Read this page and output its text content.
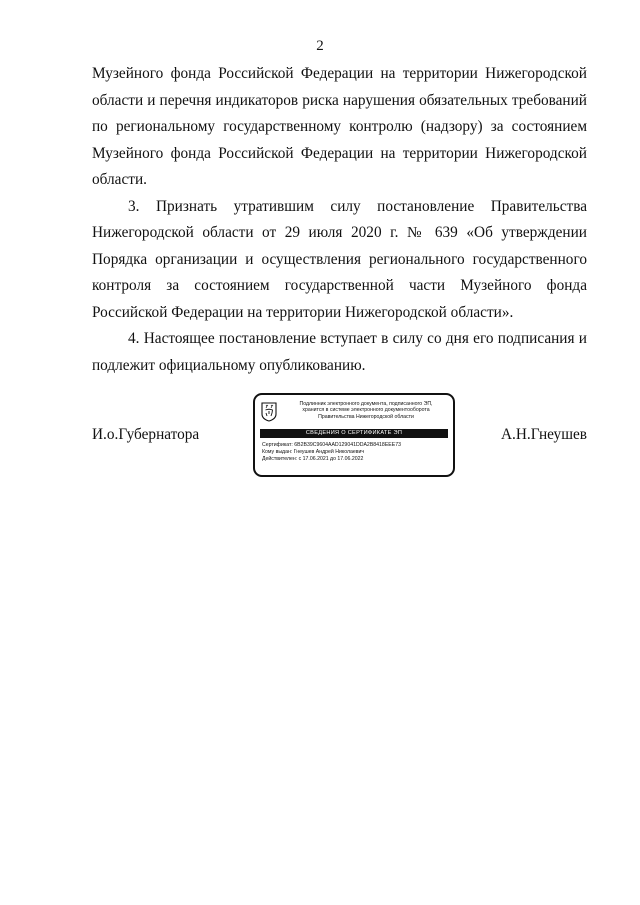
2

Музейного фонда Российской Федерации на территории Нижегородской области и перечня индикаторов риска нарушения обязательных требований по региональному государственному контролю (надзору) за состоянием Музейного фонда Российской Федерации на территории Нижегородской области.

3. Признать утратившим силу постановление Правительства Нижегородской области от 29 июля 2020 г. № 639 «Об утверждении Порядка организации и осуществления регионального государственного контроля за состоянием государственной части Музейного фонда Российской Федерации на территории Нижегородской области».

4. Настоящее постановление вступает в силу со дня его подписания и подлежит официальному опубликованию.

И.о.Губернатора	А.Н.Гнеушев
Подлинник электронного документа, подписанного ЭП,
хранится в системе электронного документооборота
Правительства Нижегородской области
СВЕДЕНИЯ О СЕРТИФИКАТЕ ЭП
Сертификат: 6B2B39C9604AAD129041DDA2B8418EEE73
Кому выдан: Гнеушев Андрей Николаевич
Действителен: с 17.06.2021 до 17.06.2022
